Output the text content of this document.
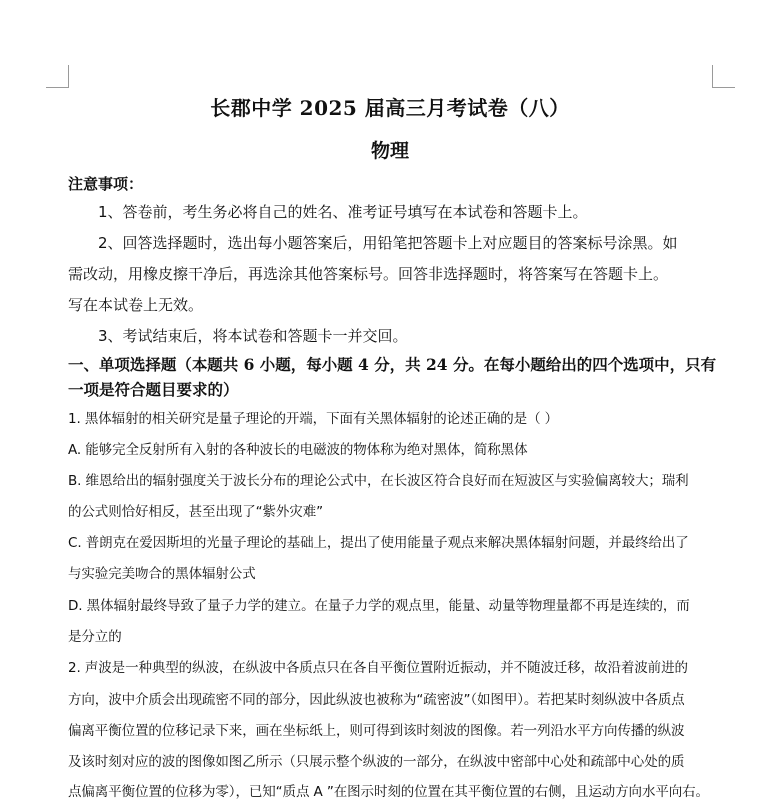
长郡中学 2025 届高三月考试卷（八）
物理
注意事项：
1、答卷前，考生务必将自己的姓名、准考证号填写在本试卷和答题卡上。
2、回答选择题时，选出每小题答案后，用铅笔把答题卡上对应题目的答案标号涂黑。如
需改动，用橡皮擦干净后，再选涂其他答案标号。回答非选择题时，将答案写在答题卡上。
写在本试卷上无效。
3、考试结束后，将本试卷和答题卡一并交回。
一、单项选择题（本题共 6 小题，每小题 4 分，共 24 分。在每小题给出的四个选项中，只有
一项是符合题目要求的）
1. 黑体辐射的相关研究是量子理论的开端，下面有关黑体辐射的论述正确的是（ ）
A. 能够完全反射所有入射的各种波长的电磁波的物体称为绝对黑体，简称黑体
B. 维恩给出的辐射强度关于波长分布的理论公式中，在长波区符合良好而在短波区与实验偏离较大；瑞利
的公式则恰好相反，甚至出现了“紫外灾难”
C. 普朗克在爱因斯坦的光量子理论的基础上，提出了使用能量子观点来解决黑体辐射问题，并最终给出了
与实验完美吻合的黑体辐射公式
D. 黑体辐射最终导致了量子力学的建立。在量子力学的观点里，能量、动量等物理量都不再是连续的，而
是分立的
2. 声波是一种典型的纵波，在纵波中各质点只在各自平衡位置附近振动，并不随波迁移，故沿着波前进的
方向，波中介质会出现疏密不同的部分，因此纵波也被称为“疏密波”（如图甲）。若把某时刻纵波中各质点
偏离平衡位置的位移记录下来，画在坐标纸上，则可得到该时刻波的图像。若一列沿水平方向传播的纵波
及该时刻对应的波的图像如图乙所示（只展示整个纵波的一部分，在纵波中密部中心处和疏部中心处的质
点偏离平衡位置的位移为零），已知“质点 A ”在图示时刻的位置在其平衡位置的右侧，且运动方向水平向右。
